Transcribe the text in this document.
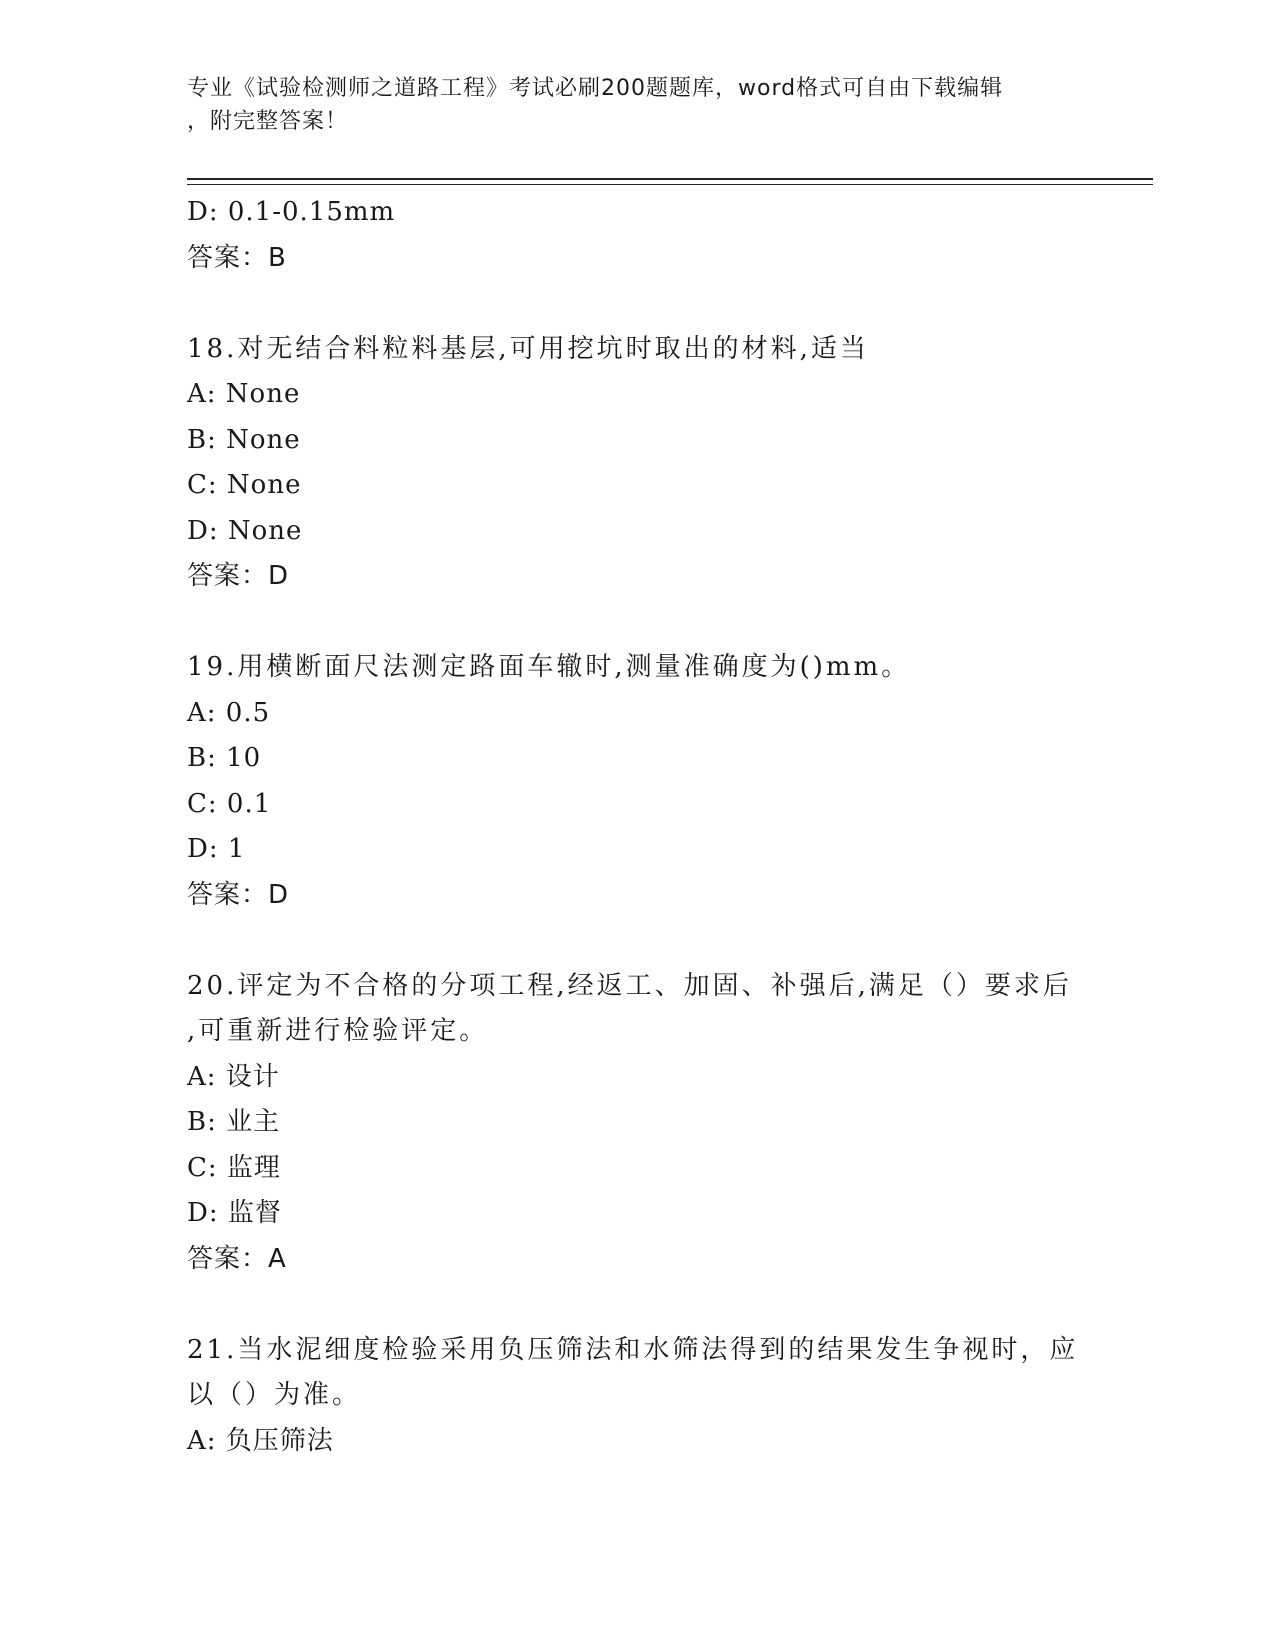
专业《试验检测师之道路工程》考试必刷200题题库，word格式可自由下载编辑
，附完整答案！
D: 0.1-0.15mm
答案：B
18.对无结合料粒料基层,可用挖坑时取出的材料,适当
A: None
B: None
C: None
D: None
答案：D
19.用横断面尺法测定路面车辙时,测量准确度为()mm。
A: 0.5
B: 10
C: 0.1
D: 1
答案：D
20.评定为不合格的分项工程,经返工、加固、补强后,满足（）要求后
,可重新进行检验评定。
A: 设计
B: 业主
C: 监理
D: 监督
答案：A
21.当水泥细度检验采用负压筛法和水筛法得到的结果发生争视时，应
以（）为准。
A: 负压筛法
